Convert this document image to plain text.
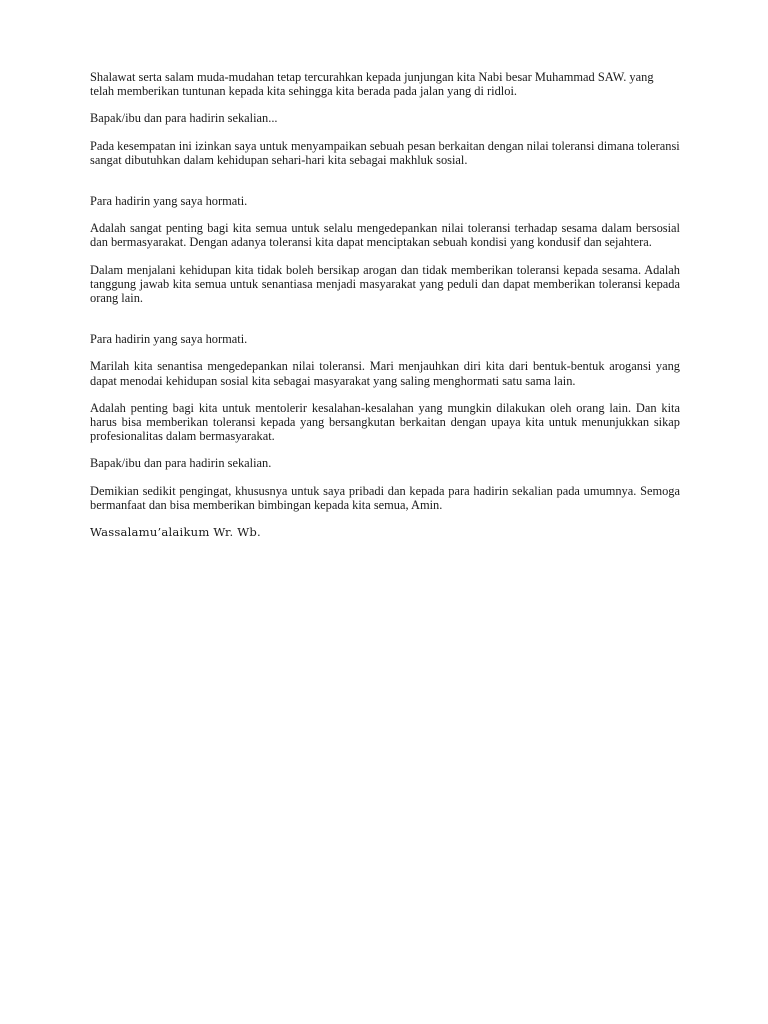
Shalawat serta salam muda-mudahan tetap tercurahkan kepada junjungan kita Nabi besar Muhammad SAW. yang telah memberikan tuntunan kepada kita sehingga kita berada pada jalan yang di ridloi.

Bapak/ibu dan para hadirin sekalian...

Pada kesempatan ini izinkan saya untuk menyampaikan sebuah pesan berkaitan dengan nilai toleransi dimana toleransi sangat dibutuhkan dalam kehidupan sehari-hari kita sebagai makhluk sosial.

Para hadirin yang saya hormati.

Adalah sangat penting bagi kita semua untuk selalu mengedepankan nilai toleransi terhadap sesama dalam bersosial dan bermasyarakat. Dengan adanya toleransi kita dapat menciptakan sebuah kondisi yang kondusif dan sejahtera.

Dalam menjalani kehidupan kita tidak boleh bersikap arogan dan tidak memberikan toleransi kepada sesama. Adalah tanggung jawab kita semua untuk senantiasa menjadi masyarakat yang peduli dan dapat memberikan toleransi kepada orang lain.

Para hadirin yang saya hormati.

Marilah kita senantisa mengedepankan nilai toleransi. Mari menjauhkan diri kita dari bentuk-bentuk arogansi yang dapat menodai kehidupan sosial kita sebagai masyarakat yang saling menghormati satu sama lain.

Adalah penting bagi kita untuk mentolerir kesalahan-kesalahan yang mungkin dilakukan oleh orang lain. Dan kita harus bisa memberikan toleransi kepada yang bersangkutan berkaitan dengan upaya kita untuk menunjukkan sikap profesionalitas dalam bermasyarakat.

Bapak/ibu dan para hadirin sekalian.

Demikian sedikit pengingat, khususnya untuk saya pribadi dan kepada para hadirin sekalian pada umumnya. Semoga bermanfaat dan bisa memberikan bimbingan kepada kita semua, Amin.

Wassalamu’alaikum Wr. Wb.
